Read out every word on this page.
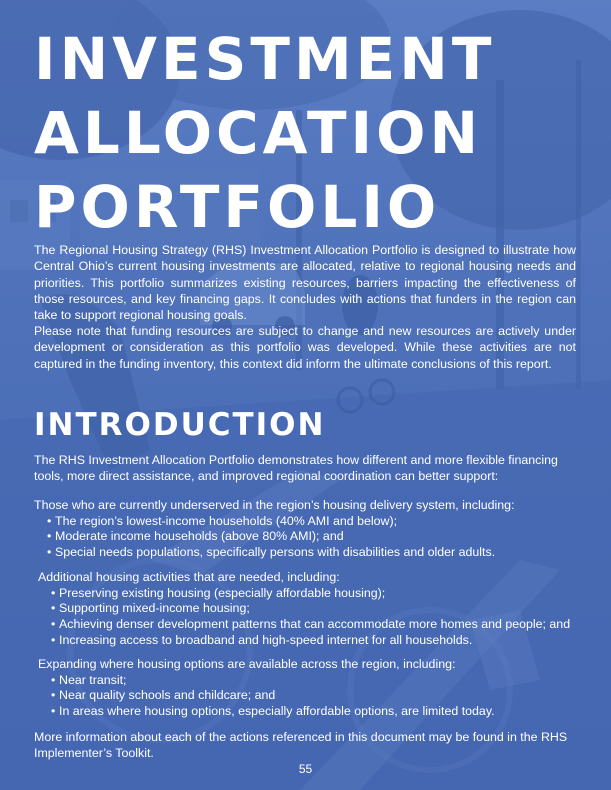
INVESTMENT
ALLOCATION
PORTFOLIO

The Regional Housing Strategy (RHS) Investment Allocation Portfolio is designed to illustrate how Central Ohio’s current housing investments are allocated, relative to regional housing needs and priorities. This portfolio summarizes existing resources, barriers impacting the effectiveness of those resources, and key financing gaps. It concludes with actions that funders in the region can take to support regional housing goals.

Please note that funding resources are subject to change and new resources are actively under development or consideration as this portfolio was developed. While these activities are not captured in the funding inventory, this context did inform the ultimate conclusions of this report.

INTRODUCTION

The RHS Investment Allocation Portfolio demonstrates how different and more flexible financing tools, more direct assistance, and improved regional coordination can better support:

Those who are currently underserved in the region’s housing delivery system, including:

• The region’s lowest-income households (40% AMI and below);
• Moderate income households (above 80% AMI); and
• Special needs populations, specifically persons with disabilities and older adults.

Additional housing activities that are needed, including:

• Preserving existing housing (especially affordable housing);
• Supporting mixed-income housing;
• Achieving denser development patterns that can accommodate more homes and people; and
• Increasing access to broadband and high-speed internet for all households.

Expanding where housing options are available across the region, including:

• Near transit;
• Near quality schools and childcare; and
• In areas where housing options, especially affordable options, are limited today.

More information about each of the actions referenced in this document may be found in the RHS Implementer’s Toolkit.

55
